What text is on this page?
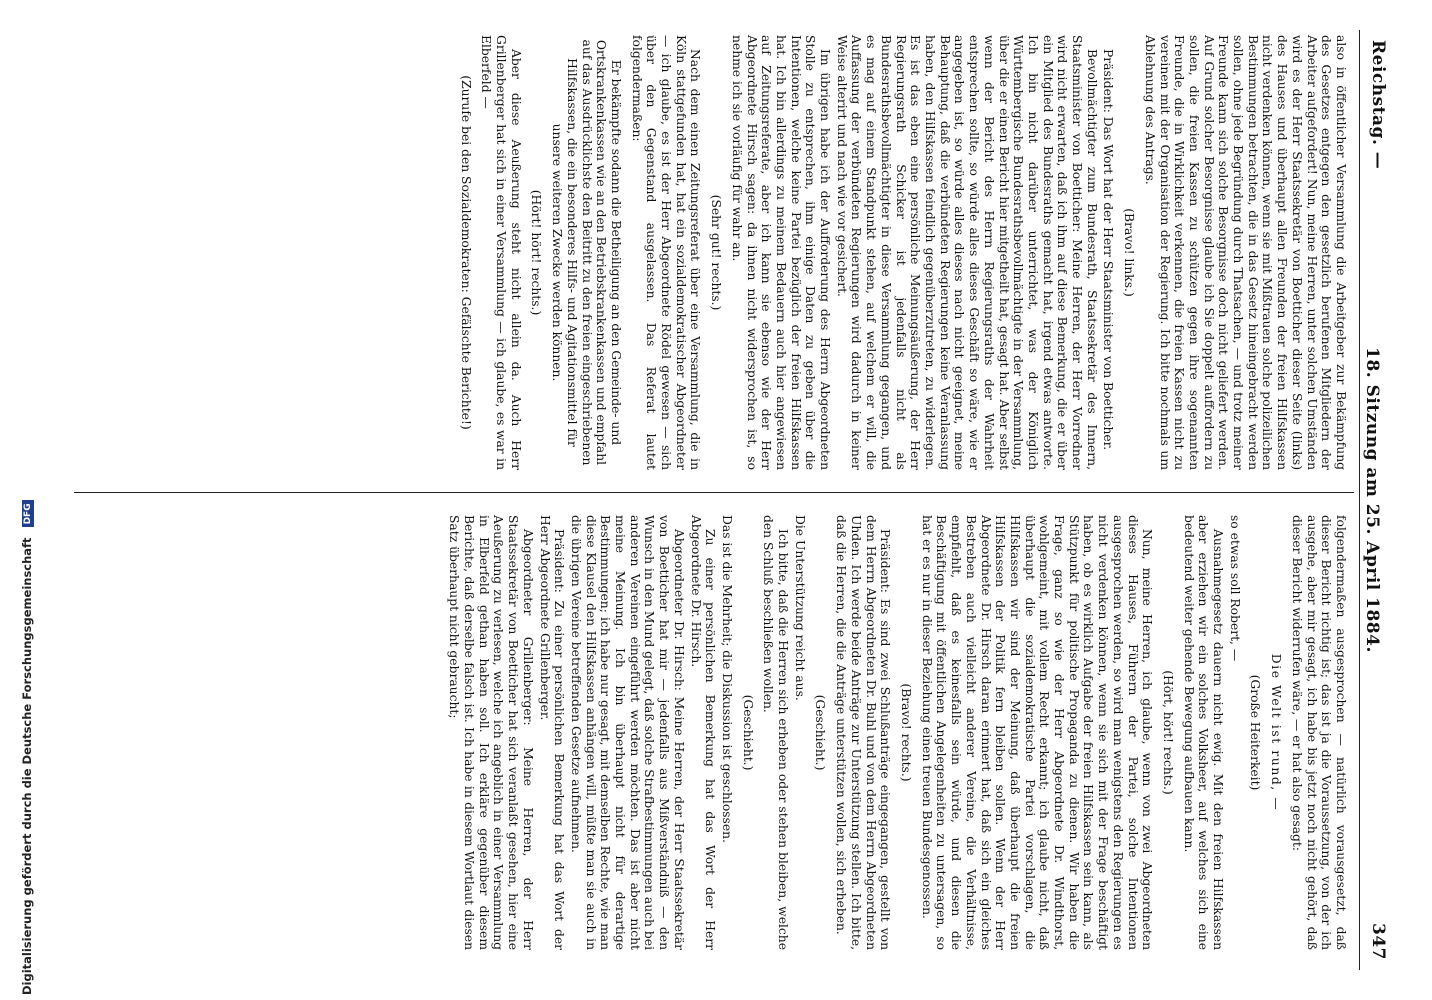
Reichstag. —
18. Sitzung am 25. April 1884.
347

also in öffentlicher Versammlung die Arbeitgeber zur Bekämpfung des Gesetzes entgegen den gesetzlich berufenen Mitgliedern der Arbeiter aufgefordert! Nun, meine Herren, unter solchen Umständen wird es der Herr Staatssekretär von Boetticher dieser Seite (links) des Hauses und überhaupt allen Freunden der freien Hilfskassen nicht verdenken können, wenn sie mit Mißtrauen solche polizeilichen Bestimmungen betrachten, die in das Gesetz hineingebracht werden sollen, ohne jede Begründung durch Thatsachen, — und trotz meiner Freunde kann sich solche Besorgnisse doch nicht geliefert werden. Auf Grund solcher Besorgnisse glaube ich Sie doppelt auffordern zu sollen, die freien Kassen zu schützen gegen ihre sogenannten Freunde, die in Wirklichkeit verkennen, die freien Kassen nicht zu vereinen mit der Organisation der Regierung. Ich bitte nochmals um Ablehnung des Antrags.

(Bravo! links.)

Präsident: Das Wort hat der Herr Staatsminister von Boetticher.

Bevollmächtigter zum Bundesrath, Staatssekretär des Innern, Staatsminister von Boetticher: Meine Herren, der Herr Vorredner wird nicht erwarten, daß ich ihm auf diese Bemerkung, die er über ein Mitglied des Bundesraths gemacht hat, irgend etwas antworte. Ich bin nicht darüber unterrichtet, was der Königlich Württembergische Bundesrathsbevollmächtigte in der Versammlung, über die er einen Bericht hier mitgetheilt hat, gesagt hat. Aber selbst wenn der Bericht des Herrn Regierungsraths der Wahrheit entsprechen sollte, so würde alles dieses Geschäft so wäre, wie er angegeben ist, so würde alles dieses nach nicht geeignet, meine Behauptung, daß die verbündeten Regierungen keine Veranlassung haben, den Hilfskassen feindlich gegenüberzutreten, zu widerlegen. Es ist das eben eine persönliche Meinungsäußerung, der Herr Regierungsrath Schicker ist jedenfalls nicht als Bundesrathsbevollmächtigter in diese Versammlung gegangen, und es mag auf einem Standpunkt stehen, auf welchem er will, die Auffassung der verbündeten Regierungen wird dadurch in keiner Weise alterirt und nach wie vor gesichert.

Im übrigen habe ich der Aufforderung des Herrn Abgeordneten Stolle zu entsprechen, ihm einige Daten zu geben über die Intentionen, welche keine Partei bezüglich der freien Hilfskassen hat. Ich bin allerdings zu meinem Bedauern auch hier angewiesen auf Zeitungsreferate, aber ich kann sie ebenso wie der Herr Abgeordnete Hirsch sagen: da ihnen nicht widersprochen ist, so nehme ich sie vorläufig für wahr an.

(Sehr gut! rechts.)

Nach dem einen Zeitungsreferat über eine Versammlung, die in Köln stattgefunden hat, hat ein sozialdemokratischer Abgeordneter — ich glaube, es ist der Herr Abgeordnete Rödel gewesen — sich über den Gegenstand ausgelassen. Das Referat lautet folgendermaßen:

Er bekämpfte sodann die Betheiligung an den Gemeinde- und Ortskrankenkassen wie an den Betriebskrankenkassen und empfahl auf das Ausdrücklichste den Beitritt zu den freien eingeschriebenen Hilfskassen, die ein besonderes Hilfs- und Agitationsmittel für unsere weiteren Zwecke werden können.

(Hört! hört! rechts.)

Aber diese Aeußerung steht nicht allein da. Auch Herr Grillenberger hat sich in einer Versammlung — ich glaube, es war in Elberfeld —

(Zurufe bei den Sozialdemokraten: Gefälschte Berichte!)

folgendermaßen ausgesprochen — natürlich vorausgesetzt, daß dieser Bericht richtig ist; das ist ja die Voraussetzung, von der ich ausgehe, aber mir gesagt, ich habe bis jetzt noch nicht gehört, daß dieser Bericht widerrufen wäre, — er hat also gesagt:

Die Welt ist rund, —

(Große Heiterkeit)

so etwas soll Robert, —

Ausnahmegesetz dauern nicht ewig. Mit den freien Hilfskassen aber erziehen wir ein solches Volksheer, auf welches sich eine bedeutend weiter gehende Bewegung aufbauen kann.

(Hört, hört! rechts.)

Nun, meine Herren, ich glaube, wenn von zwei Abgeordneten dieses Hauses, Führern der Partei, solche Intentionen ausgesprochen werden, so wird man wenigstens den Regierungen es nicht verdenken können, wenn sie sich mit der Frage beschäftigt haben, ob es wirklich Aufgabe der freien Hilfskassen sein kann, als Stützpunkt für politische Propaganda zu dienen. Wir haben die Frage, ganz so wie der Herr Abgeordnete Dr. Windthorst, wohlgemeint, mit vollem Recht erkannt; ich glaube nicht, daß überhaupt die sozialdemokratische Partei vorschlagen, die Hilfskassen wir sind der Meinung, daß überhaupt die freien Hilfskassen der Politik fern bleiben sollen. Wenn der Herr Abgeordnete Dr. Hirsch daran erinnert hat, daß sich ein gleiches Bestreben auch vielleicht anderer Vereine, die Verhältnisse, empfiehlt, daß es keinesfalls sein würde, und diesen die Beschäftigung mit öffentlichen Angelegenheiten zu untersagen, so hat er es nur in dieser Beziehung einen treuen Bundesgenossen.

(Bravo! rechts.)

Präsident: Es sind zwei Schlußanträge eingegangen, gestellt von dem Herrn Abgeordneten Dr. Buhl und von dem Herrn Abgeordneten Uhden. Ich werde beide Anträge zur Unterstützung stellen. Ich bitte, daß die Herren, die die Anträge unterstützen wollen, sich erheben.

(Geschieht.)

Die Unterstützung reicht aus.

Ich bitte, daß die Herren sich erheben oder stehen bleiben, welche den Schluß beschließen wollen.

(Geschieht.)

Das ist die Mehrheit; die Diskussion ist geschlossen.

Zu einer persönlichen Bemerkung hat das Wort der Herr Abgeordnete Dr. Hirsch.

Abgeordneter Dr. Hirsch: Meine Herren, der Herr Staatssekretär von Boetticher hat mir — jedenfalls aus Mißverständniß — den Wunsch in den Mund gelegt, daß solche Strafbestimmungen auch bei anderen Vereinen eingeführt werden möchten. Das ist aber nicht meine Meinung. Ich bin überhaupt nicht für derartige Bestimmungen; ich habe nur gesagt, mit demselben Rechte, wie man diese Klausel den Hilfskassen anhängen will, müßte man sie auch in die übrigen Vereine betreffenden Gesetze aufnehmen.

Präsident: Zu einer persönlichen Bemerkung hat das Wort der Herr Abgeordnete Grillenberger.

Abgeordneter Grillenberger: Meine Herren, der Herr Staatssekretär von Boetticher hat sich veranlaßt gesehen, hier eine Aeußerung zu verlesen, welche ich angeblich in einer Versammlung in Elberfeld gethan haben soll. Ich erkläre gegenüber diesem Berichte, daß derselbe falsch ist. Ich habe in diesem Wortlaut diesen Satz überhaupt nicht gebraucht;

Digitalisierung gefördert durch die Deutsche Forschungsgemeinschaft DFG
